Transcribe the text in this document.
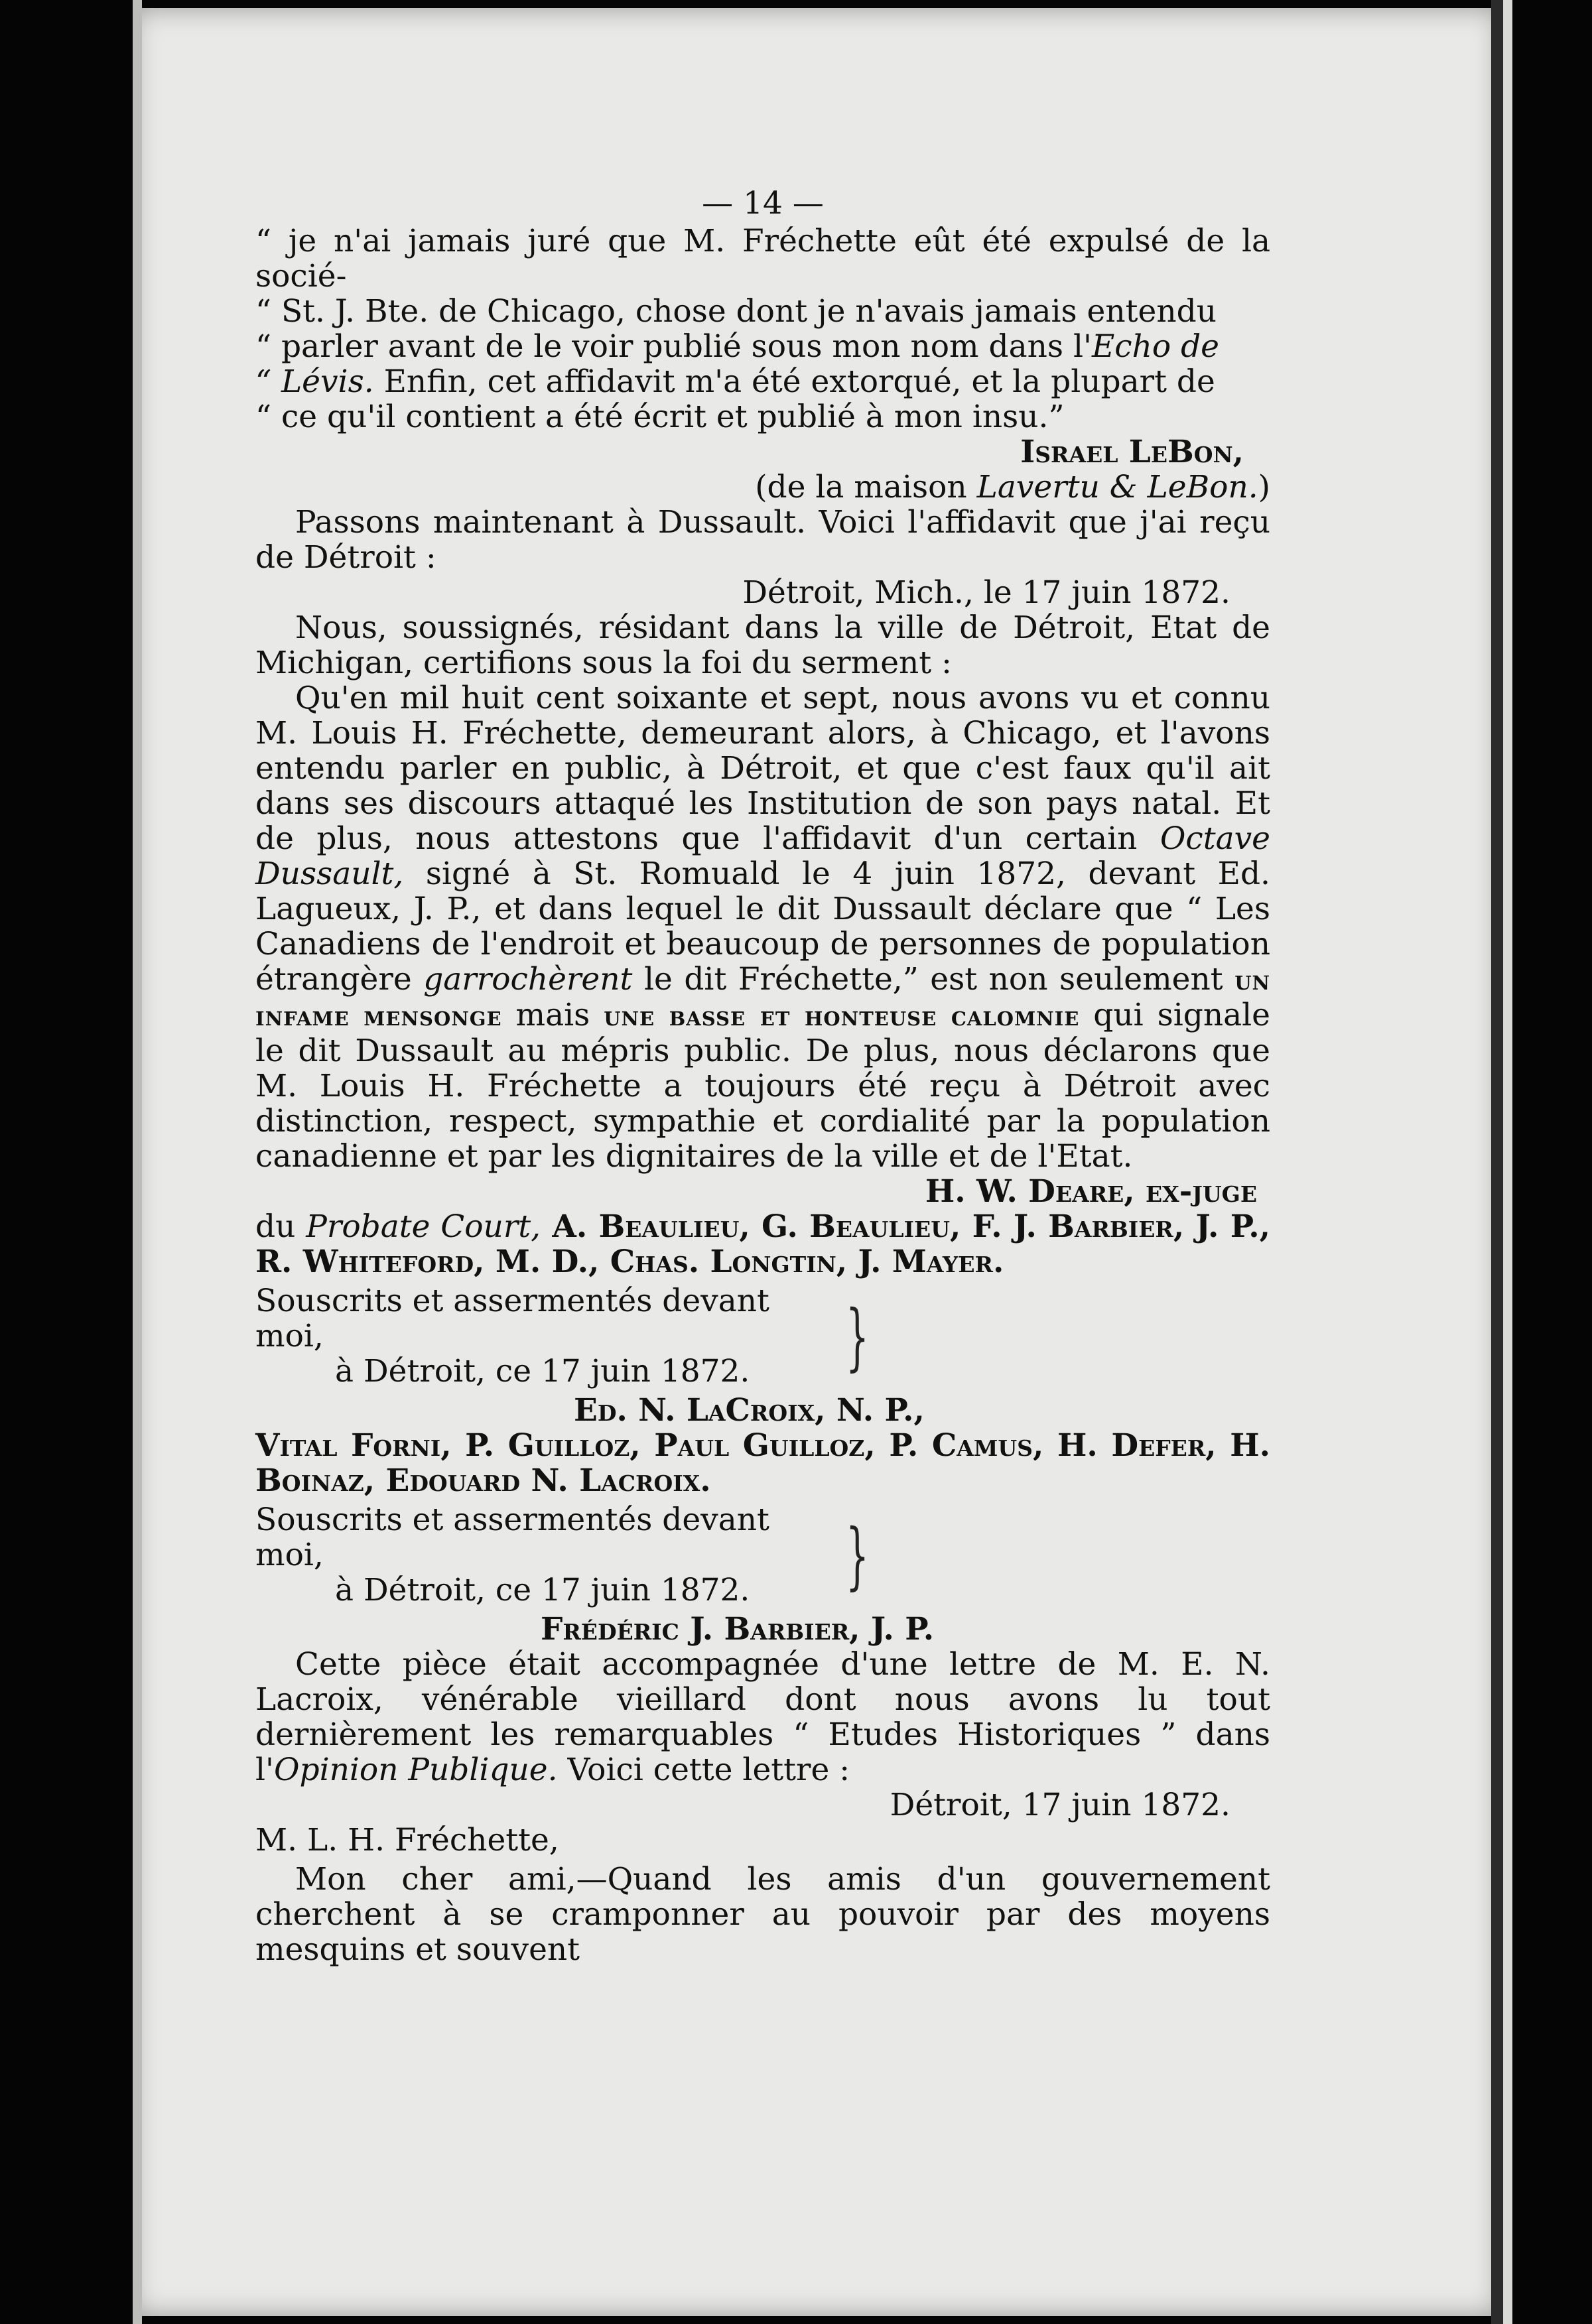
— 14 —
“ je n'ai jamais juré que M. Fréchette eût été expulsé de la socié-
“ St. J. Bte. de Chicago, chose dont je n'avais jamais entendu
“ parler avant de le voir publié sous mon nom dans l'Echo de
“ Lévis. Enfin, cet affidavit m'a été extorqué, et la plupart de
“ ce qu'il contient a été écrit et publié à mon insu.”
Israel LeBon,
(de la maison Lavertu & LeBon.)
Passons maintenant à Dussault. Voici l'affidavit que j'ai reçu de Détroit :
Détroit, Mich., le 17 juin 1872.
Nous, soussignés, résidant dans la ville de Détroit, Etat de Michigan, certifions sous la foi du serment :
Qu'en mil huit cent soixante et sept, nous avons vu et connu M. Louis H. Fréchette, demeurant alors, à Chicago, et l'avons entendu parler en public, à Détroit, et que c'est faux qu'il ait dans ses discours attaqué les Institution de son pays natal. Et de plus, nous attestons que l'affidavit d'un certain Octave Dussault, signé à St. Romuald le 4 juin 1872, devant Ed. Lagueux, J. P., et dans lequel le dit Dussault déclare que “ Les Canadiens de l'endroit et beaucoup de personnes de population étrangère garrochèrent le dit Fréchette,” est non seulement un infame mensonge mais une basse et honteuse calomnie qui signale le dit Dussault au mépris public. De plus, nous déclarons que M. Louis H. Fréchette a toujours été reçu à Détroit avec distinction, respect, sympathie et cordialité par la population canadienne et par les dignitaires de la ville et de l'Etat.
H. W. Deare, ex-juge
du Probate Court, A. Beaulieu, G. Beaulieu, F. J. Barbier, J. P., R. Whiteford, M. D., Chas. Longtin, J. Mayer.
Souscrits et assermentés devant moi,
à Détroit, ce 17 juin 1872.	}
Ed. N. LaCroix, N. P.,
Vital Forni, P. Guilloz, Paul Guilloz, P. Camus, H. Defer, H. Boinaz, Edouard N. Lacroix.
Souscrits et assermentés devant moi,
à Détroit, ce 17 juin 1872.	}
Frédéric J. Barbier, J. P.
Cette pièce était accompagnée d'une lettre de M. E. N. Lacroix, vénérable vieillard dont nous avons lu tout dernièrement les remarquables “ Etudes Historiques ” dans l'Opinion Publique. Voici cette lettre :
Détroit, 17 juin 1872.
M. L. H. Fréchette,
Mon cher ami,—Quand les amis d'un gouvernement cherchent à se cramponner au pouvoir par des moyens mesquins et souvent
